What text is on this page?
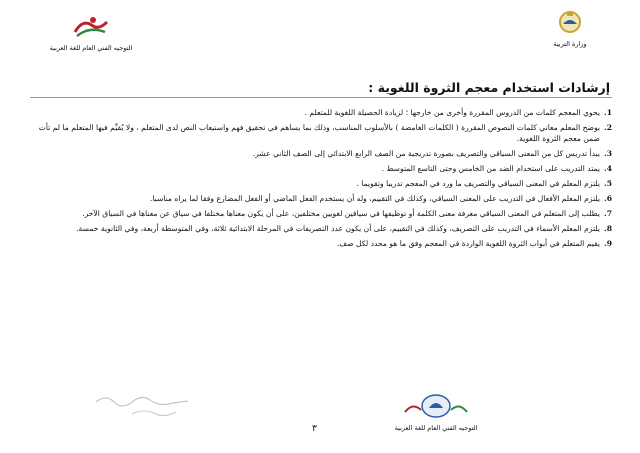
التوجيه الفني العام للغة العربية	وزارة التربية
إرشادات استخدام معجم الثروة اللغوية :
1.
يحوي المعجم كلمات من الدروس المقررة وأخرى من خارجها ؛ لزيادة الحصيلة اللغوية للمتعلم .
2.
يوضح المعلم معاني كلمات النصوص المقررة ( الكلمات الغامضة ) بالأسلوب المناسب، وذلك بما يساهم في تحقيق فهم واستيعاب النص لدى المتعلم ، ولا يُقيِّم فيها المتعلم ما لم تأت ضمن معجم الثروة اللغوية.
3.
يبدأ تدريس كل من المعنى السياقي والتصريف بصورة تدريجية من الصف الرابع الابتدائي إلى الصف الثاني عشر.
4.
يمتد التدريب على استخدام الضد من الخامس وحتى التاسع المتوسط .
5.
يلتزم المعلم في المعنى السياقي والتصريف ما ورد في المعجم تدريبا وتقويما .
6.
يلتزم المعلم الأفعال في التدريب على المعنى السياقي، وكذلك في التقييم، وله أن يستخدم الفعل الماضي أو الفعل المضارع وفقا لما يراه مناسبا.
7.
يطلب إلى المتعلم في المعنى السياقي معرفة معنى الكلمة أو توظيفها في سياقين لغويين مختلفين، على أن يكون معناها مختلفا في سياق عن معناها في السياق الآخر.
8.
يلتزم المعلم الأسماء في التدريب على التصريف، وكذلك في التقييم، على أن يكون عدد التصريفات في المرحلة الابتدائية ثلاثة، وفي المتوسطة أربعة، وفي الثانوية خمسة.
9.
يقيم المتعلم في أبواب الثروة اللغوية الواردة في المعجم وفق ما هو محدد لكل صف.
٣	التوجيه الفني العام للغة العربية
